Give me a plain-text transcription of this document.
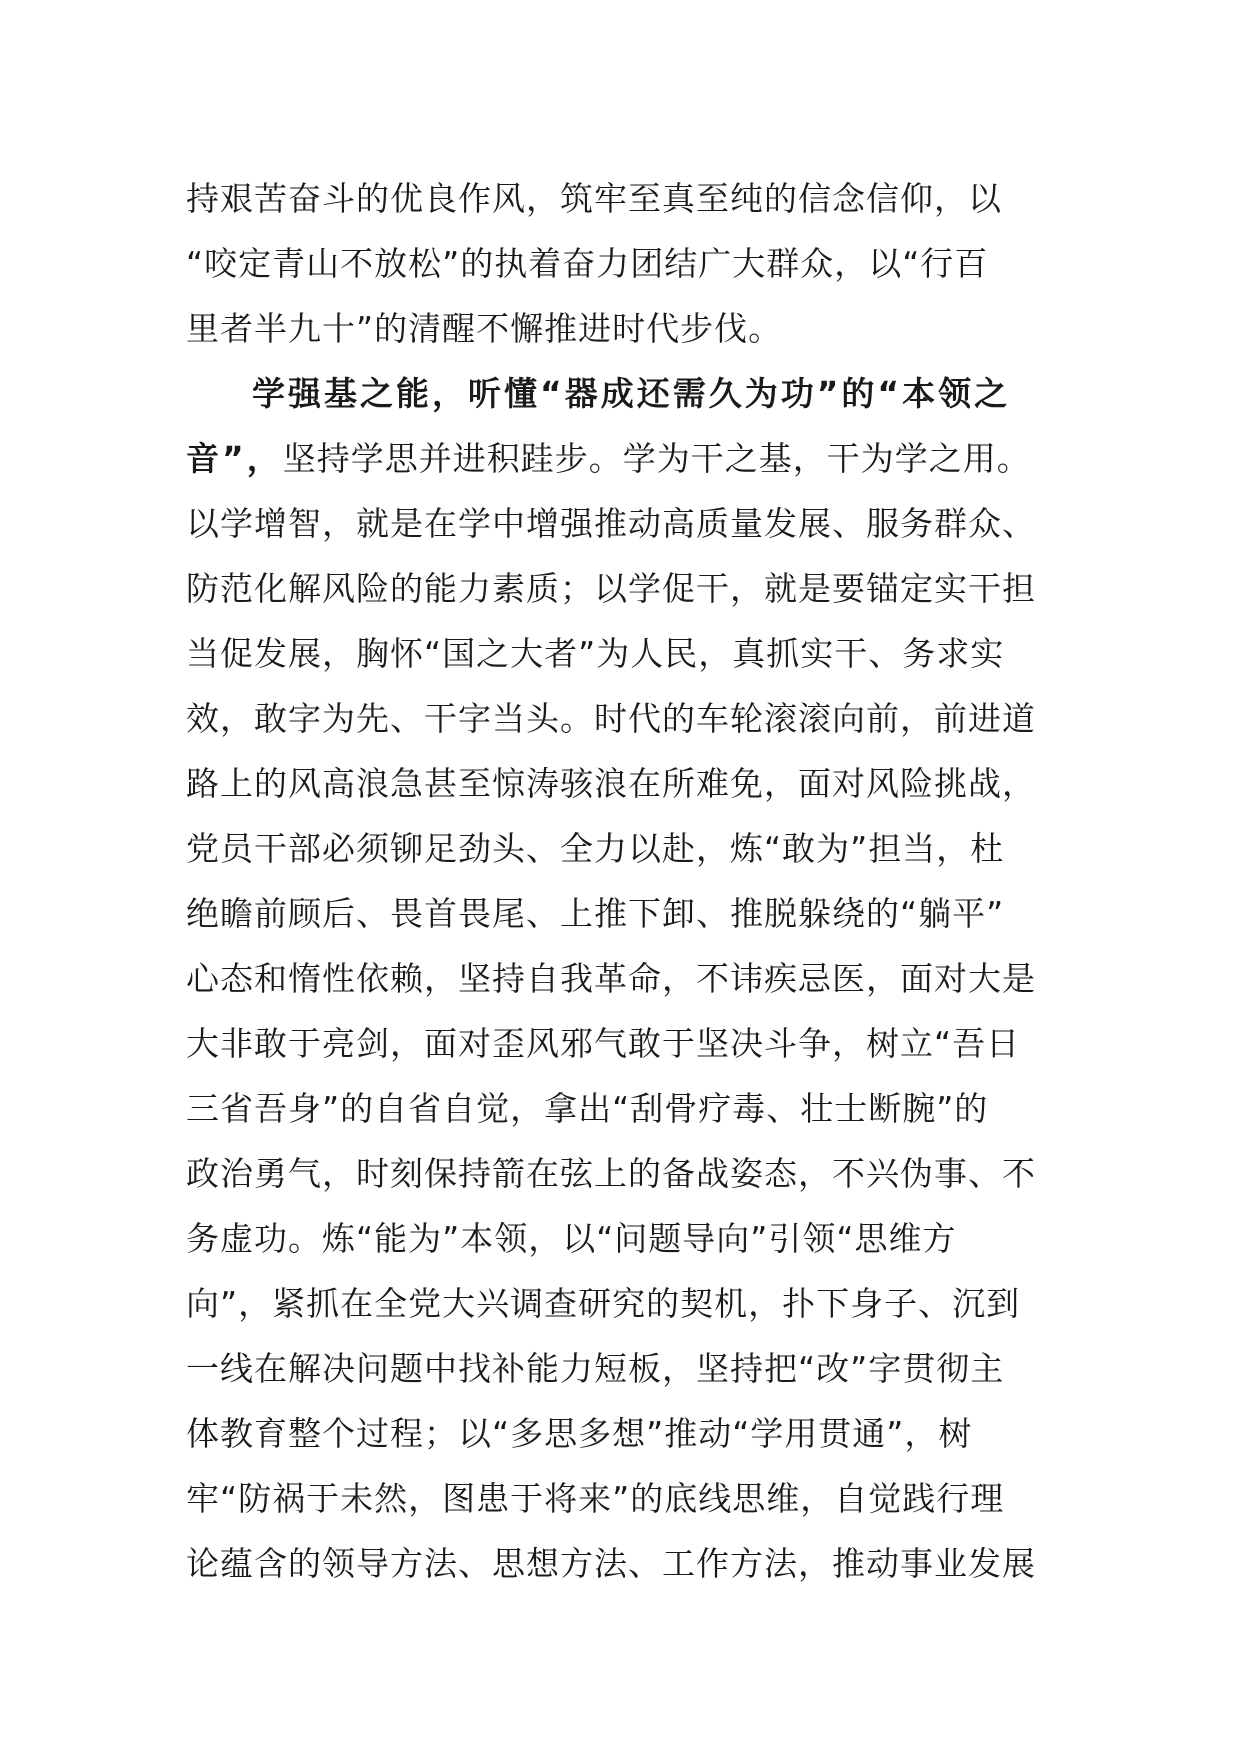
持艰苦奋斗的优良作风，筑牢至真至纯的信念信仰，以
“咬定青山不放松”的执着奋力团结广大群众，以“行百
里者半九十”的清醒不懈推进时代步伐。
学强基之能，听懂“器成还需久为功”的“本领之
音”，坚持学思并进积跬步。学为干之基，干为学之用。
以学增智，就是在学中增强推动高质量发展、服务群众、
防范化解风险的能力素质；以学促干，就是要锚定实干担
当促发展，胸怀“国之大者”为人民，真抓实干、务求实
效，敢字为先、干字当头。时代的车轮滚滚向前，前进道
路上的风高浪急甚至惊涛骇浪在所难免，面对风险挑战，
党员干部必须铆足劲头、全力以赴，炼“敢为”担当，杜
绝瞻前顾后、畏首畏尾、上推下卸、推脱躲绕的“躺平”
心态和惰性依赖，坚持自我革命，不讳疾忌医，面对大是
大非敢于亮剑，面对歪风邪气敢于坚决斗争，树立“吾日
三省吾身”的自省自觉，拿出“刮骨疗毒、壮士断腕”的
政治勇气，时刻保持箭在弦上的备战姿态，不兴伪事、不
务虚功。炼“能为”本领，以“问题导向”引领“思维方
向”，紧抓在全党大兴调查研究的契机，扑下身子、沉到
一线在解决问题中找补能力短板，坚持把“改”字贯彻主
体教育整个过程；以“多思多想”推动“学用贯通”，树
牢“防祸于未然，图患于将来”的底线思维，自觉践行理
论蕴含的领导方法、思想方法、工作方法，推动事业发展
